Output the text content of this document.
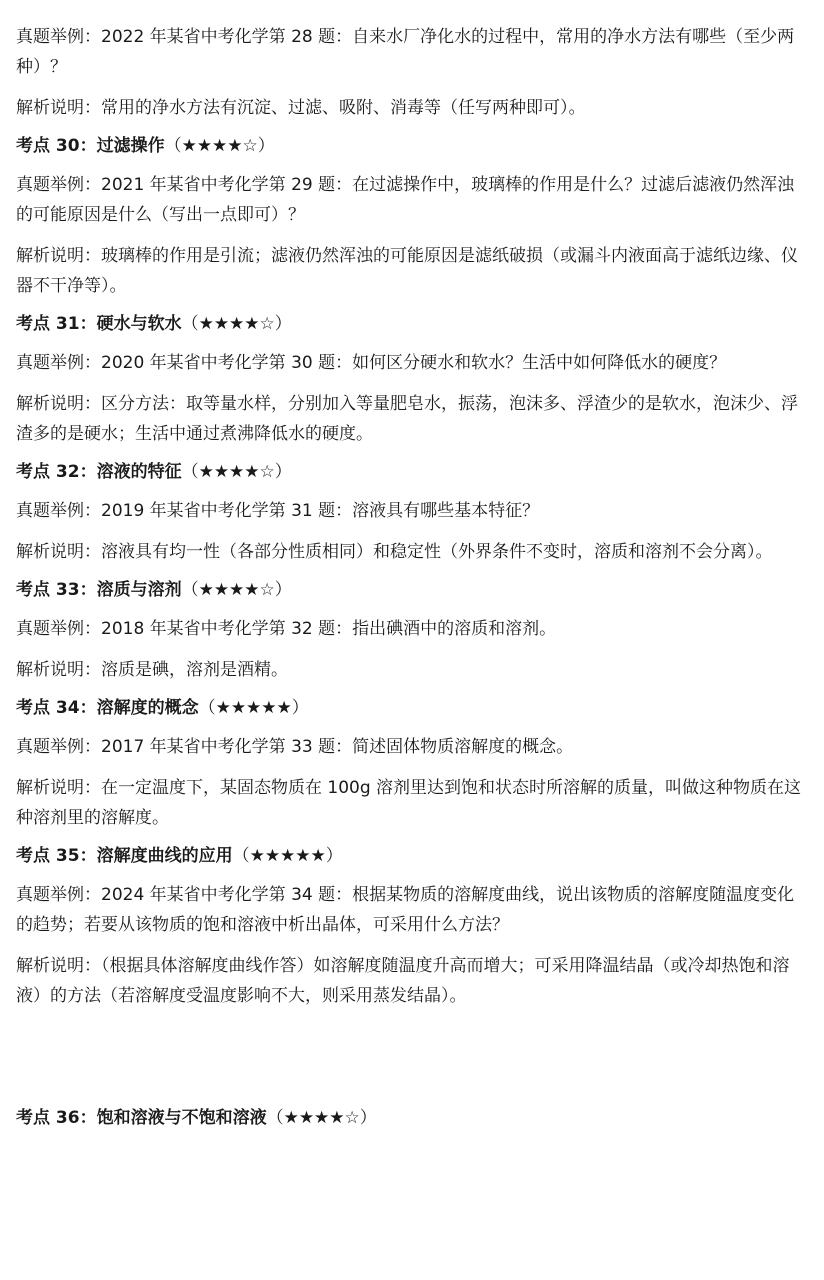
真题举例：2022 年某省中考化学第 28 题：自来水厂净化水的过程中，常用的净水方法有哪些（至少两种）？

解析说明：常用的净水方法有沉淀、过滤、吸附、消毒等（任写两种即可）。

考点 30：过滤操作（★★★★☆）

真题举例：2021 年某省中考化学第 29 题：在过滤操作中，玻璃棒的作用是什么？过滤后滤液仍然浑浊的可能原因是什么（写出一点即可）？

解析说明：玻璃棒的作用是引流；滤液仍然浑浊的可能原因是滤纸破损（或漏斗内液面高于滤纸边缘、仪器不干净等）。

考点 31：硬水与软水（★★★★☆）

真题举例：2020 年某省中考化学第 30 题：如何区分硬水和软水？生活中如何降低水的硬度？

解析说明：区分方法：取等量水样，分别加入等量肥皂水，振荡，泡沫多、浮渣少的是软水，泡沫少、浮渣多的是硬水；生活中通过煮沸降低水的硬度。

考点 32：溶液的特征（★★★★☆）

真题举例：2019 年某省中考化学第 31 题：溶液具有哪些基本特征？

解析说明：溶液具有均一性（各部分性质相同）和稳定性（外界条件不变时，溶质和溶剂不会分离）。

考点 33：溶质与溶剂（★★★★☆）

真题举例：2018 年某省中考化学第 32 题：指出碘酒中的溶质和溶剂。

解析说明：溶质是碘，溶剂是酒精。

考点 34：溶解度的概念（★★★★★）

真题举例：2017 年某省中考化学第 33 题：简述固体物质溶解度的概念。

解析说明：在一定温度下，某固态物质在 100g 溶剂里达到饱和状态时所溶解的质量，叫做这种物质在这种溶剂里的溶解度。

考点 35：溶解度曲线的应用（★★★★★）

真题举例：2024 年某省中考化学第 34 题：根据某物质的溶解度曲线，说出该物质的溶解度随温度变化的趋势；若要从该物质的饱和溶液中析出晶体，可采用什么方法？

解析说明：（根据具体溶解度曲线作答）如溶解度随温度升高而增大；可采用降温结晶（或冷却热饱和溶液）的方法（若溶解度受温度影响不大，则采用蒸发结晶）。

考点 36：饱和溶液与不饱和溶液（★★★★☆）
